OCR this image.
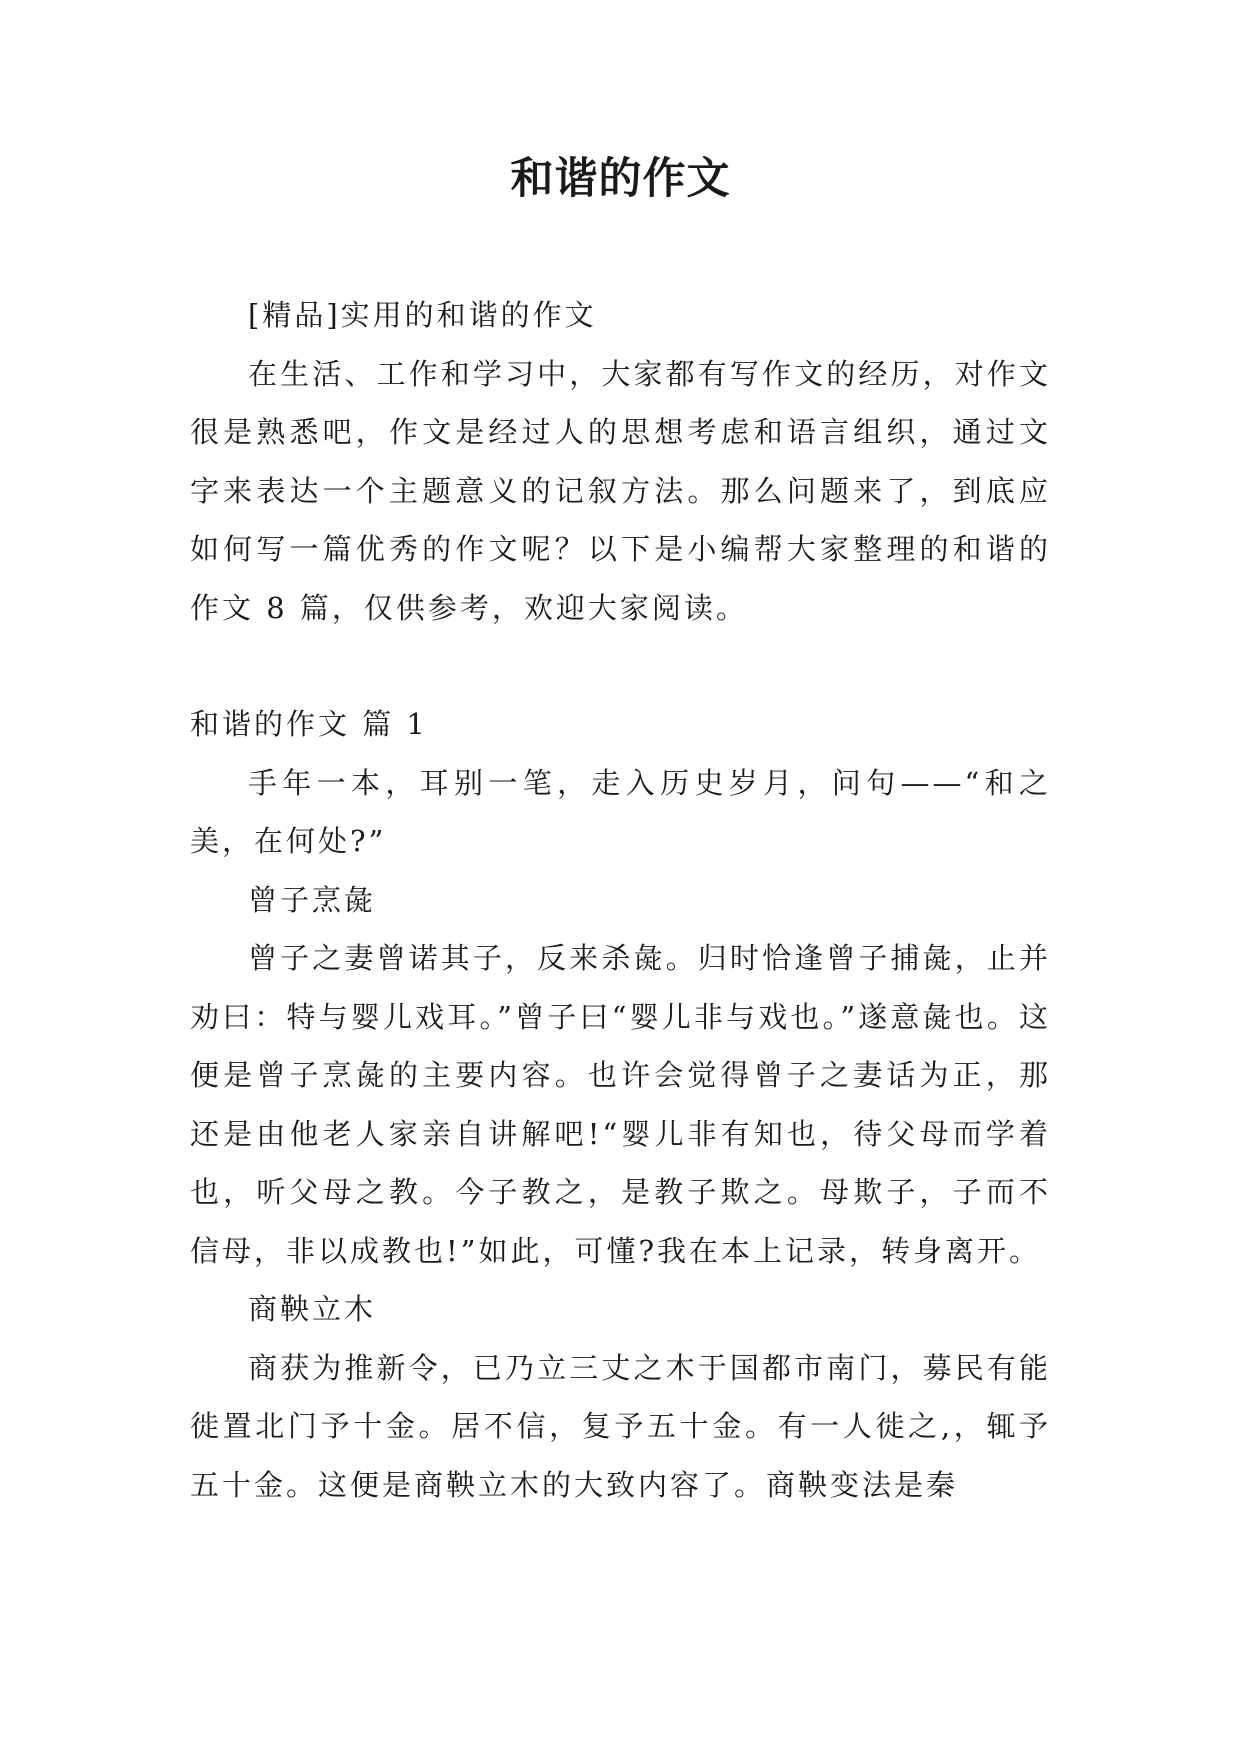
和谐的作文

[精品]实用的和谐的作文

在生活、工作和学习中，大家都有写作文的经历，对作文很是熟悉吧，作文是经过人的思想考虑和语言组织，通过文字来表达一个主题意义的记叙方法。那么问题来了，到底应如何写一篇优秀的作文呢？以下是小编帮大家整理的和谐的作文 8 篇，仅供参考，欢迎大家阅读。

和谐的作文 篇 1

手年一本，耳别一笔，走入历史岁月，问句——“和之美，在何处?”

曾子烹彘

曾子之妻曾诺其子，反来杀彘。归时恰逢曾子捕彘，止并劝曰：特与婴儿戏耳。”曾子曰“婴儿非与戏也。”遂意彘也。这便是曾子烹彘的主要内容。也许会觉得曾子之妻话为正，那还是由他老人家亲自讲解吧!“婴儿非有知也，待父母而学着也，听父母之教。今子教之，是教子欺之。母欺子，子而不信母，非以成教也!”如此，可懂?我在本上记录，转身离开。

商鞅立木

商获为推新令，已乃立三丈之木于国都市南门，募民有能徙置北门予十金。居不信，复予五十金。有一人徙之,，辄予五十金。这便是商鞅立木的大致内容了。商鞅变法是秦
